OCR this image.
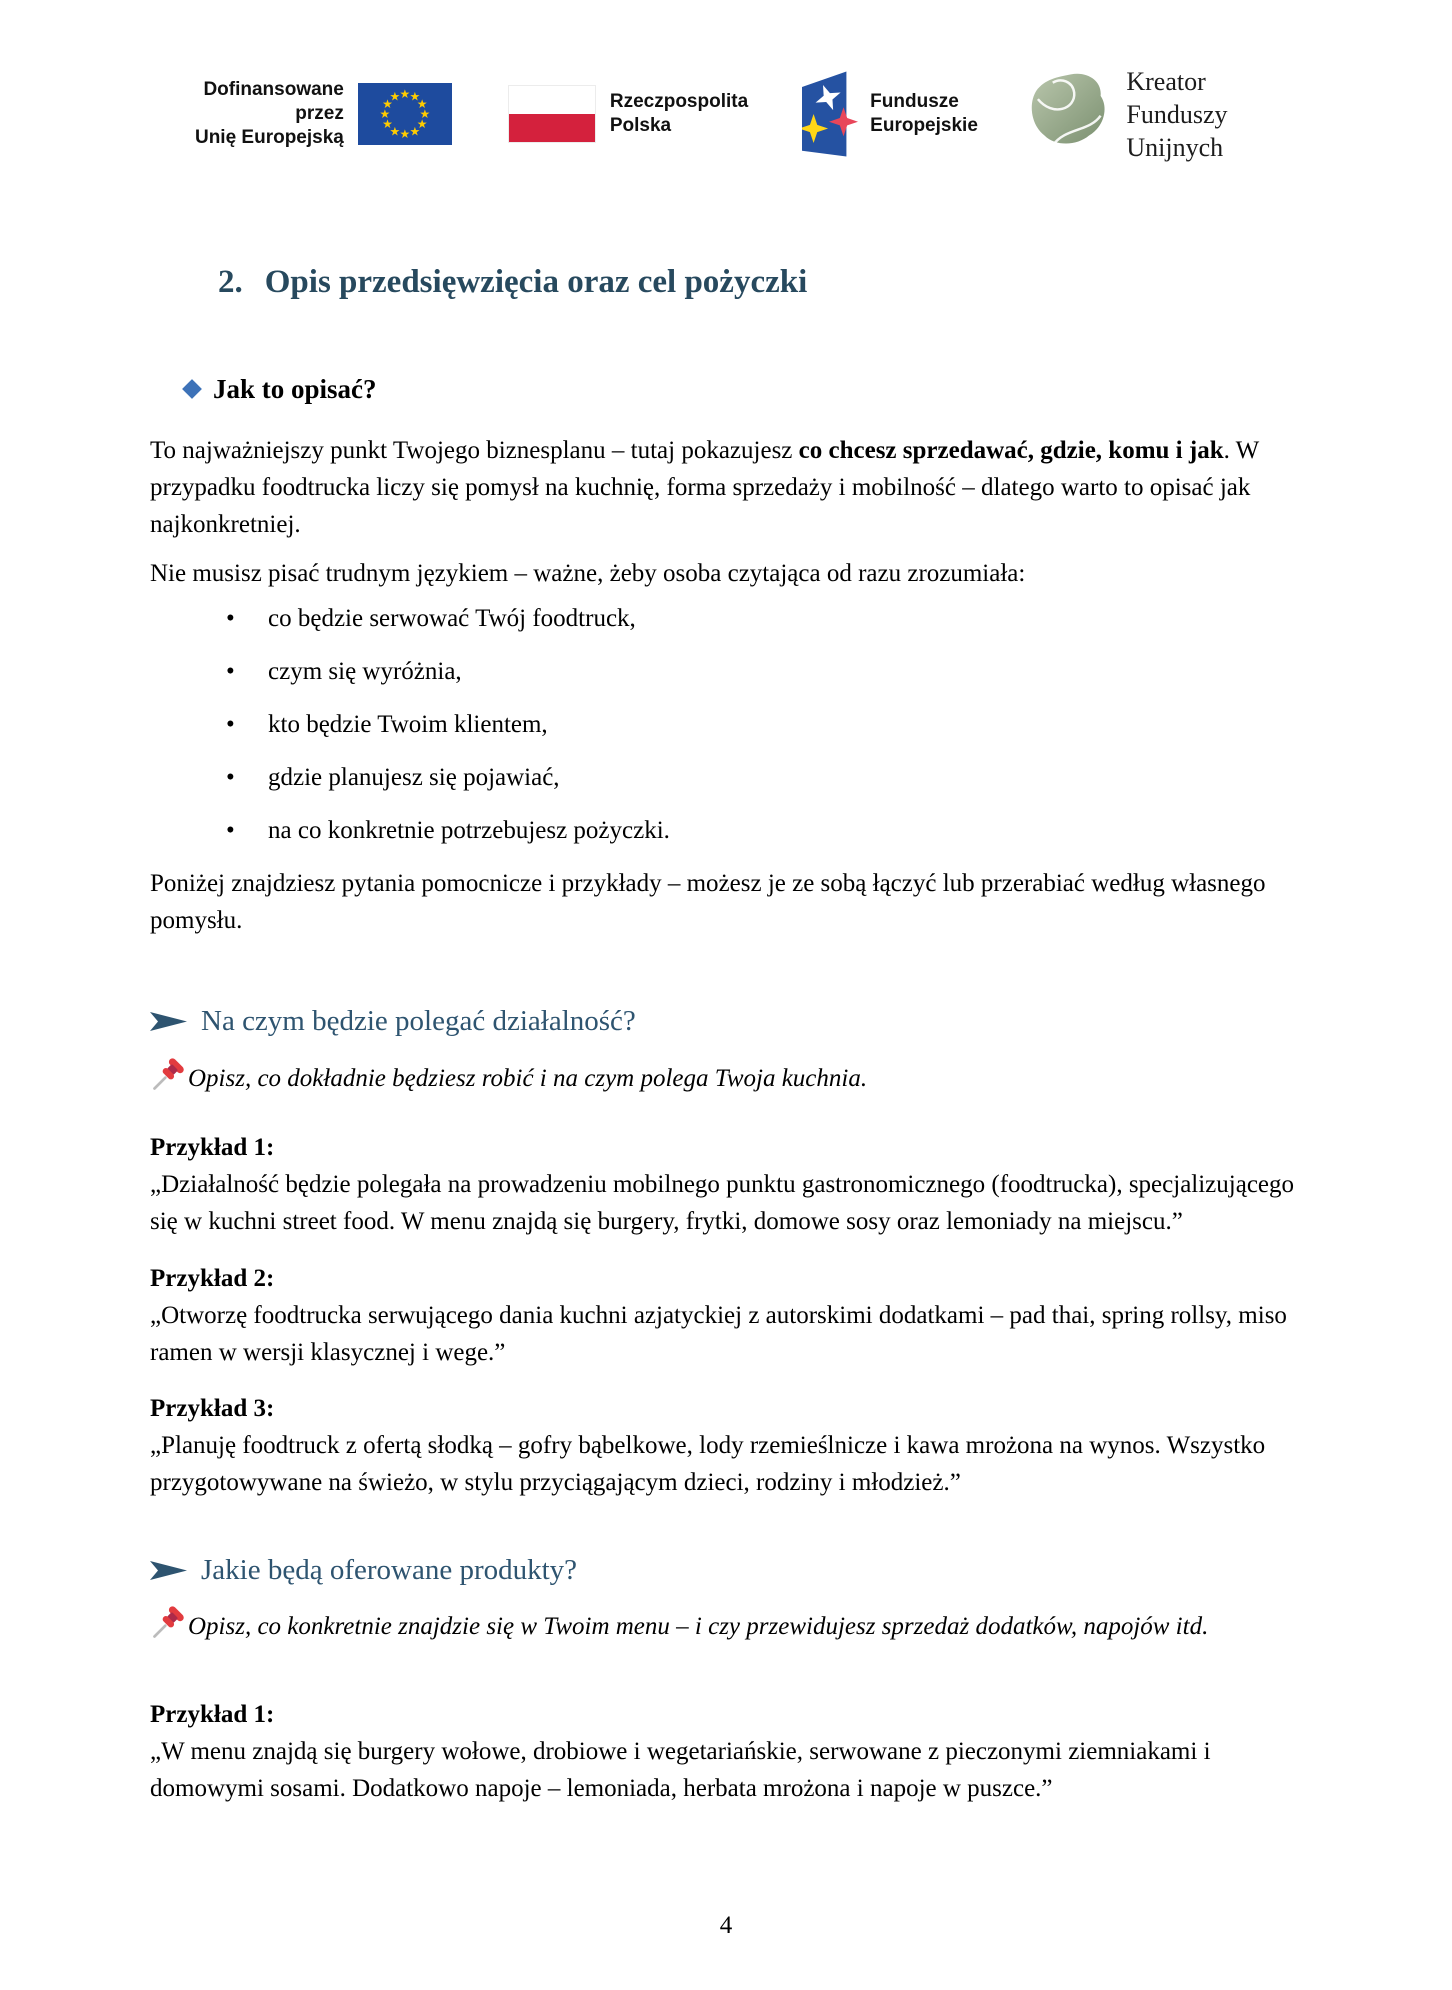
Dofinansowane przez
Unię Europejską
★ ★
★
★
★
★
★
★
★
★
★
★	Rzeczpospolita
Polska
Fundusze
Europejskie
Kreator
Funduszy Unijnych
2. Opis przedsięwzięcia oraz cel pożyczki
Jak to opisać?

To najważniejszy punkt Twojego biznesplanu – tutaj pokazujesz co chcesz sprzedawać, gdzie, komu i jak. W przypadku foodtrucka liczy się pomysł na kuchnię, forma sprzedaży i mobilność – dlatego warto to opisać jak najkonkretniej.

Nie musisz pisać trudnym językiem – ważne, żeby osoba czytająca od razu zrozumiała:

• co będzie serwować Twój foodtruck,
• czym się wyróżnia,
• kto będzie Twoim klientem,
• gdzie planujesz się pojawiać,
• na co konkretnie potrzebujesz pożyczki.

Poniżej znajdziesz pytania pomocnicze i przykłady – możesz je ze sobą łączyć lub przerabiać według własnego pomysłu.

Na czym będzie polegać działalność?

Opisz, co dokładnie będziesz robić i na czym polega Twoja kuchnia.

Przykład 1:
„Działalność będzie polegała na prowadzeniu mobilnego punktu gastronomicznego (foodtrucka), specjalizującego się w kuchni street food. W menu znajdą się burgery, frytki, domowe sosy oraz lemoniady na miejscu.”
Przykład 2:
„Otworzę foodtrucka serwującego dania kuchni azjatyckiej z autorskimi dodatkami – pad thai, spring rollsy, miso ramen w wersji klasycznej i wege.”
Przykład 3:
„Planuję foodtruck z ofertą słodką – gofry bąbelkowe, lody rzemieślnicze i kawa mrożona na wynos. Wszystko przygotowywane na świeżo, w stylu przyciągającym dzieci, rodziny i młodzież.”
Jakie będą oferowane produkty?

Opisz, co konkretnie znajdzie się w Twoim menu – i czy przewidujesz sprzedaż dodatków, napojów itd.

Przykład 1:
„W menu znajdą się burgery wołowe, drobiowe i wegetariańskie, serwowane z pieczonymi ziemniakami i domowymi sosami. Dodatkowo napoje – lemoniada, herbata mrożona i napoje w puszce.”
4
